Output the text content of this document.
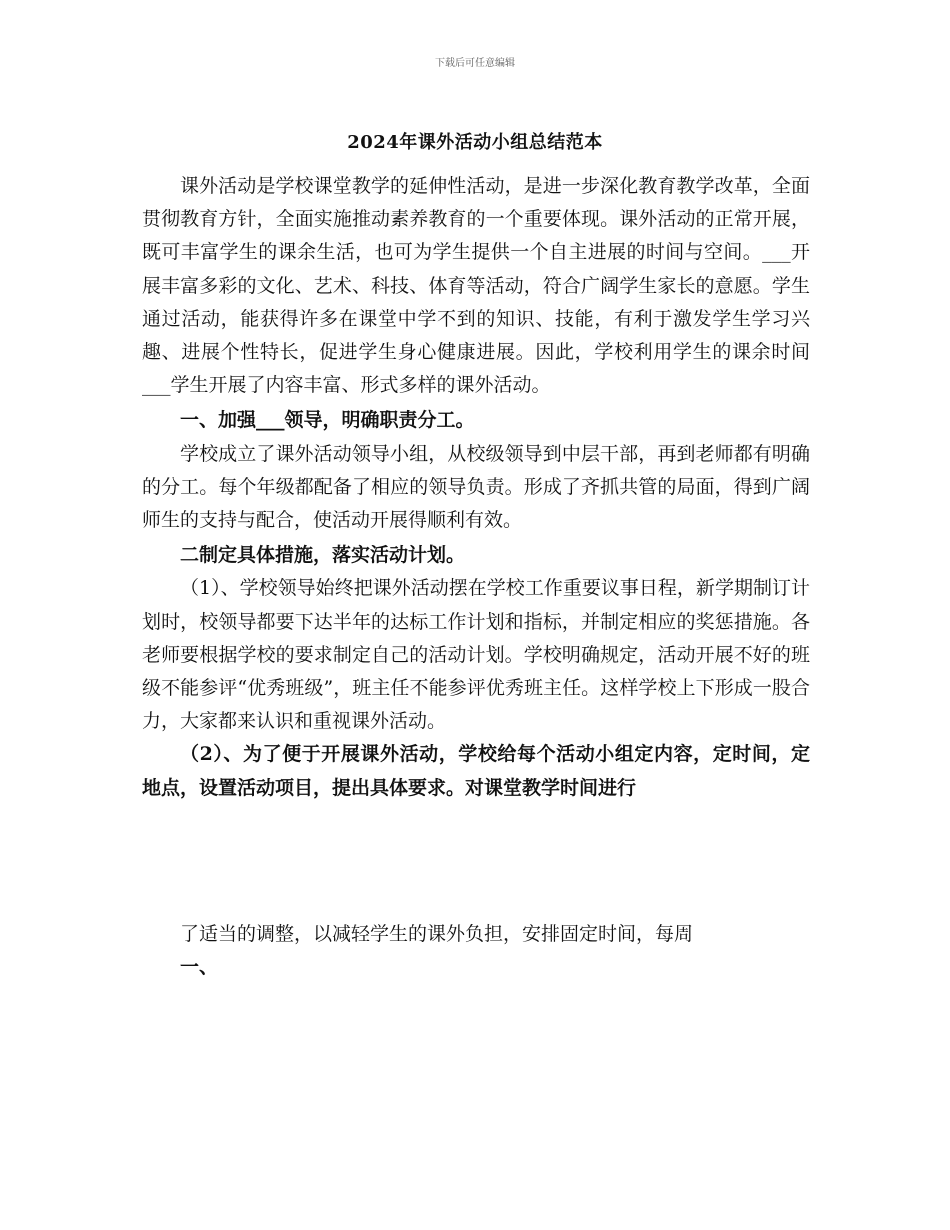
下载后可任意编辑
2024年课外活动小组总结范本

课外活动是学校课堂教学的延伸性活动，是进一步深化教育教学改革，全面贯彻教育方针，全面实施推动素养教育的一个重要体现。课外活动的正常开展，既可丰富学生的课余生活，也可为学生提供一个自主进展的时间与空间。___开展丰富多彩的文化、艺术、科技、体育等活动，符合广阔学生家长的意愿。学生通过活动，能获得许多在课堂中学不到的知识、技能，有利于激发学生学习兴趣、进展个性特长，促进学生身心健康进展。因此，学校利用学生的课余时间___学生开展了内容丰富、形式多样的课外活动。

一、加强___领导，明确职责分工。

学校成立了课外活动领导小组，从校级领导到中层干部，再到老师都有明确的分工。每个年级都配备了相应的领导负责。形成了齐抓共管的局面，得到广阔师生的支持与配合，使活动开展得顺利有效。

二制定具体措施，落实活动计划。

（1）、学校领导始终把课外活动摆在学校工作重要议事日程，新学期制订计划时，校领导都要下达半年的达标工作计划和指标，并制定相应的奖惩措施。各老师要根据学校的要求制定自己的活动计划。学校明确规定，活动开展不好的班级不能参评“优秀班级”，班主任不能参评优秀班主任。这样学校上下形成一股合力，大家都来认识和重视课外活动。

（2）、为了便于开展课外活动，学校给每个活动小组定内容，定时间，定地点，设置活动项目，提出具体要求。对课堂教学时间进行

了适当的调整，以减轻学生的课外负担，安排固定时间，每周

一、
